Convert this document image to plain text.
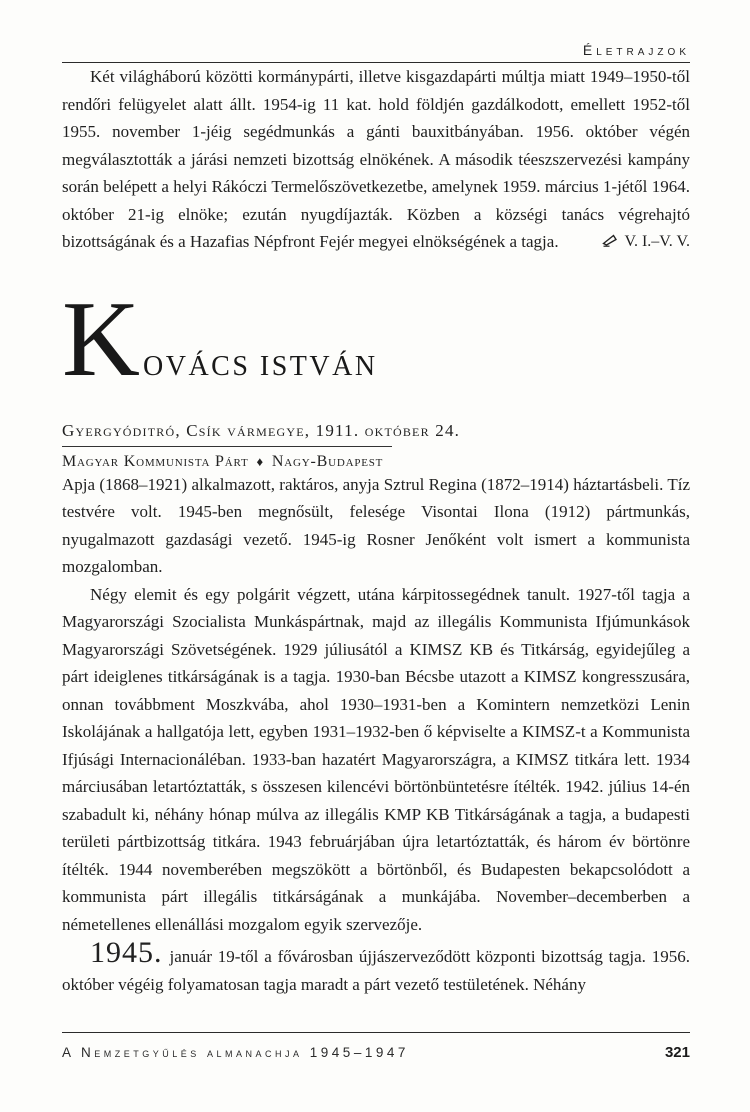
Életrajzok

Két világháború közötti kormánypárti, illetve kisgazdapárti múltja miatt 1949–1950-től rendőri felügyelet alatt állt. 1954-ig 11 kat. hold földjén gazdálkodott, emellett 1952-től 1955. november 1-jéig segédmunkás a gánti bauxitbányában. 1956. október végén megválasztották a járási nemzeti bizottság elnökének. A második téeszszervezési kampány során belépett a helyi Rákóczi Termelőszövetkezetbe, amelynek 1959. március 1-jétől 1964. október 21-ig elnöke; ezután nyugdíjazták. Közben a községi tanács végrehajtó bizottságának és a Hazafias Népfront Fejér megyei elnökségének a tagja.	V. I.–V. V.

KOVÁCS ISTVÁN
Gyergyóditró, Csík vármegye, 1911. október 24.
Magyar Kommunista Párt ♦ Nagy-Budapest

Apja (1868–1921) alkalmazott, raktáros, anyja Sztrul Regina (1872–1914) háztartásbeli. Tíz testvére volt. 1945-ben megnősült, felesége Visontai Ilona (1912) pártmunkás, nyugalmazott gazdasági vezető. 1945-ig Rosner Jenőként volt ismert a kommunista mozgalomban.

Négy elemit és egy polgárit végzett, utána kárpitossegédnek tanult. 1927-től tagja a Magyarországi Szocialista Munkáspártnak, majd az illegális Kommunista Ifjúmunkások Magyarországi Szövetségének. 1929 júliusától a KIMSZ KB és Titkárság, egyidejűleg a párt ideiglenes titkárságának is a tagja. 1930-ban Bécsbe utazott a KIMSZ kongresszusára, onnan továbbment Moszkvába, ahol 1930–1931-ben a Komintern nemzetközi Lenin Iskolájának a hallgatója lett, egyben 1931–1932-ben ő képviselte a KIMSZ-t a Kommunista Ifjúsági Internacionáléban. 1933-ban hazatért Magyarországra, a KIMSZ titkára lett. 1934 márciusában letartóztatták, s összesen kilencévi börtönbüntetésre ítélték. 1942. július 14-én szabadult ki, néhány hónap múlva az illegális KMP KB Titkárságának a tagja, a budapesti területi pártbizottság titkára. 1943 februárjában újra letartóztatták, és három év börtönre ítélték. 1944 novemberében megszökött a börtönből, és Budapesten bekapcsolódott a kommunista párt illegális titkárságának a munkájába. November–decemberben a németellenes ellenállási mozgalom egyik szervezője.

1945. január 19-től a fővárosban újjászerveződött központi bizottság tagja. 1956. október végéig folyamatosan tagja maradt a párt vezető testületének. Néhány

A Nemzetgyűlés almanachja 1945–1947	321
